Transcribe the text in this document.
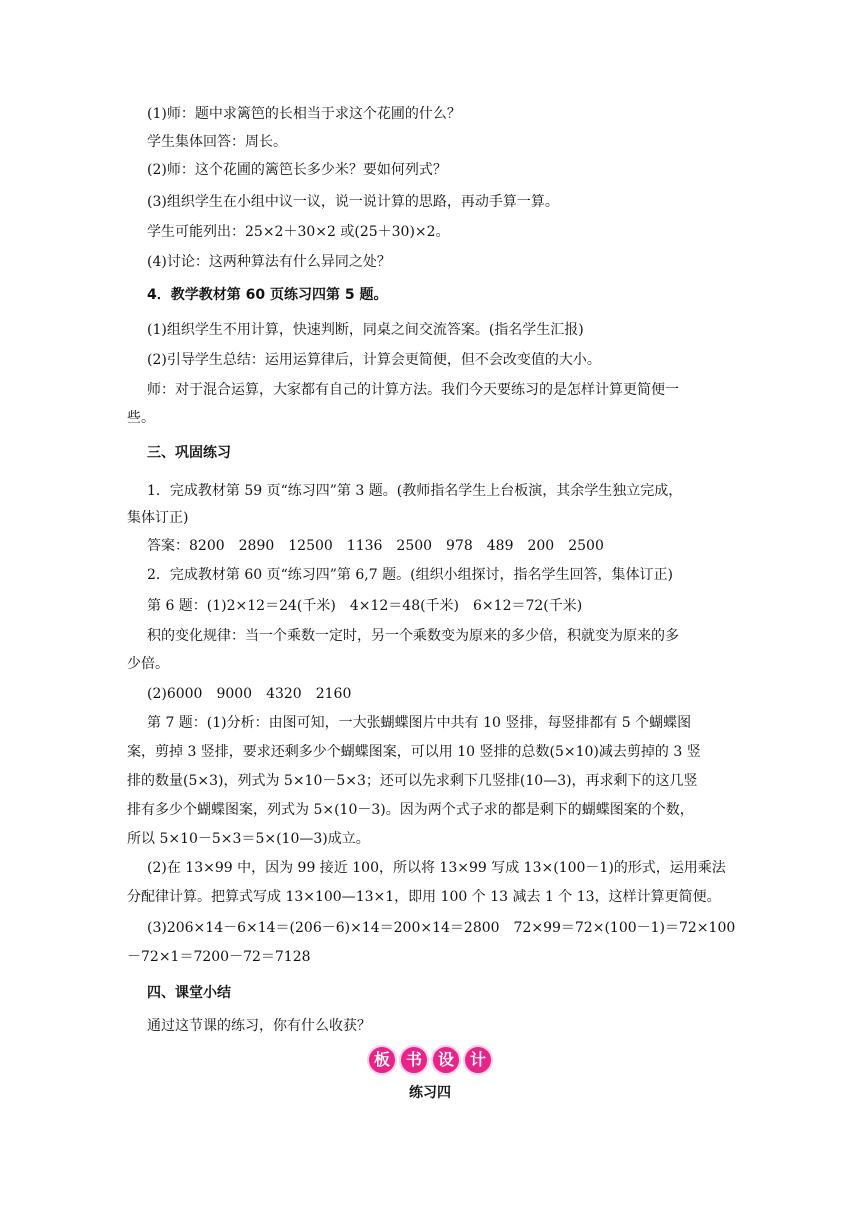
(1)师：题中求篱笆的长相当于求这个花圃的什么？
学生集体回答：周长。
(2)师：这个花圃的篱笆长多少米？要如何列式？
(3)组织学生在小组中议一议，说一说计算的思路，再动手算一算。
学生可能列出：25×2＋30×2 或(25＋30)×2。
(4)讨论：这两种算法有什么异同之处？
4．教学教材第 60 页练习四第 5 题。
(1)组织学生不用计算，快速判断，同桌之间交流答案。(指名学生汇报)
(2)引导学生总结：运用运算律后，计算会更简便，但不会改变值的大小。
师：对于混合运算，大家都有自己的计算方法。我们今天要练习的是怎样计算更简便一
些。
三、巩固练习
1．完成教材第 59 页“练习四”第 3 题。(教师指名学生上台板演，其余学生独立完成，
集体订正)
答案：8200　2890　12500　1136　2500　978　489　200　2500
2．完成教材第 60 页“练习四”第 6,7 题。(组织小组探讨，指名学生回答，集体订正)
第 6 题：(1)2×12＝24(千米)　4×12＝48(千米)　6×12＝72(千米)
积的变化规律：当一个乘数一定时，另一个乘数变为原来的多少倍，积就变为原来的多
少倍。
(2)6000　9000　4320　2160
第 7 题：(1)分析：由图可知，一大张蝴蝶图片中共有 10 竖排，每竖排都有 5 个蝴蝶图
案，剪掉 3 竖排，要求还剩多少个蝴蝶图案，可以用 10 竖排的总数(5×10)减去剪掉的 3 竖
排的数量(5×3)，列式为 5×10－5×3；还可以先求剩下几竖排(10—3)，再求剩下的这几竖
排有多少个蝴蝶图案，列式为 5×(10－3)。因为两个式子求的都是剩下的蝴蝶图案的个数，
所以 5×10－5×3＝5×(10—3)成立。
(2)在 13×99 中，因为 99 接近 100，所以将 13×99 写成 13×(100－1)的形式，运用乘法
分配律计算。把算式写成 13×100—13×1，即用 100 个 13 减去 1 个 13，这样计算更简便。
(3)206×14－6×14＝(206－6)×14＝200×14＝2800　72×99＝72×(100－1)＝72×100
－72×1＝7200－72＝7128
四、课堂小结
通过这节课的练习，你有什么收获？
板 书 设 计
练习四
